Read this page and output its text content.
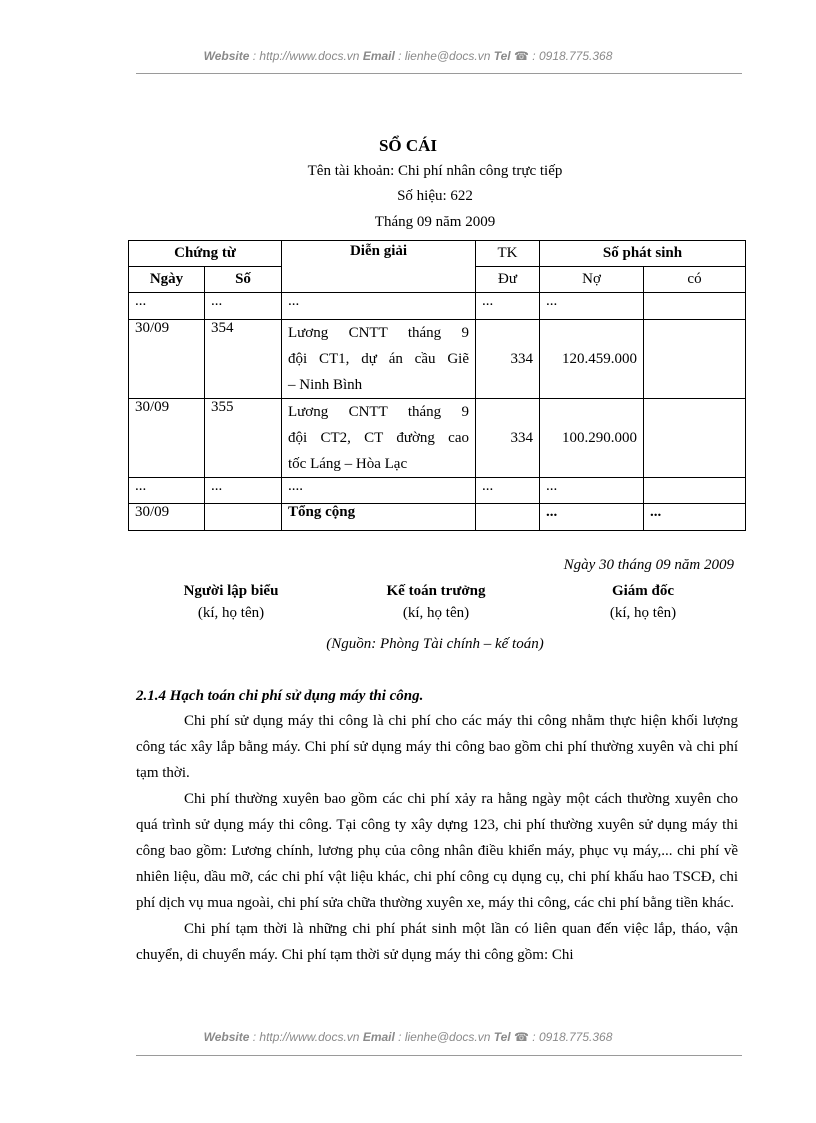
Website : http://www.docs.vn Email : lienhe@docs.vn Tel ☎ : 0918.775.368
SỔ CÁI
Tên tài khoản: Chi phí nhân công trực tiếp
Số hiệu: 622
Tháng 09 năm 2009
Chứng từ		Diễn giải	TK	Số phát sinh	
Ngày	Số		Đư	Nợ	có
...	...	...	...	...	
30/09	354	Lương CNTT tháng 9
đội CT1, dự án cầu Giẽ
– Ninh Bình	334	120.459.000	
30/09	355	Lương CNTT tháng 9
đội CT2, CT đường cao
tốc Láng – Hòa Lạc	334	100.290.000	
...	...	....	...	...	
30/09		Tổng cộng		...	...
Ngày 30 tháng 09 năm 2009
Người lập biểu
(kí, họ tên)
Kế toán trưởng
(kí, họ tên)
Giám đốc
(kí, họ tên)
(Nguồn: Phòng Tài chính – kế toán)
2.1.4 Hạch toán chi phí sử dụng máy thi công.

Chi phí sử dụng máy thi công là chi phí cho các máy thi công nhằm thực hiện khối lượng công tác xây lắp bằng máy. Chi phí sử dụng máy thi công bao gồm chi phí thường xuyên và chi phí tạm thời.

Chi phí thường xuyên bao gồm các chi phí xảy ra hằng ngày một cách thường xuyên cho quá trình sử dụng máy thi công. Tại công ty xây dựng 123, chi phí thường xuyên sử dụng máy thi công bao gồm: Lương chính, lương phụ của công nhân điều khiển máy, phục vụ máy,... chi phí về nhiên liệu, dầu mỡ, các chi phí vật liệu khác, chi phí công cụ dụng cụ, chi phí khấu hao TSCĐ, chi phí dịch vụ mua ngoài, chi phí sửa chữa thường xuyên xe, máy thi công, các chi phí bằng tiền khác.

Chi phí tạm thời là những chi phí phát sinh một lần có liên quan đến việc lắp, tháo, vận chuyển, di chuyển máy. Chi phí tạm thời sử dụng máy thi công gồm: Chi

Website : http://www.docs.vn Email : lienhe@docs.vn Tel ☎ : 0918.775.368
